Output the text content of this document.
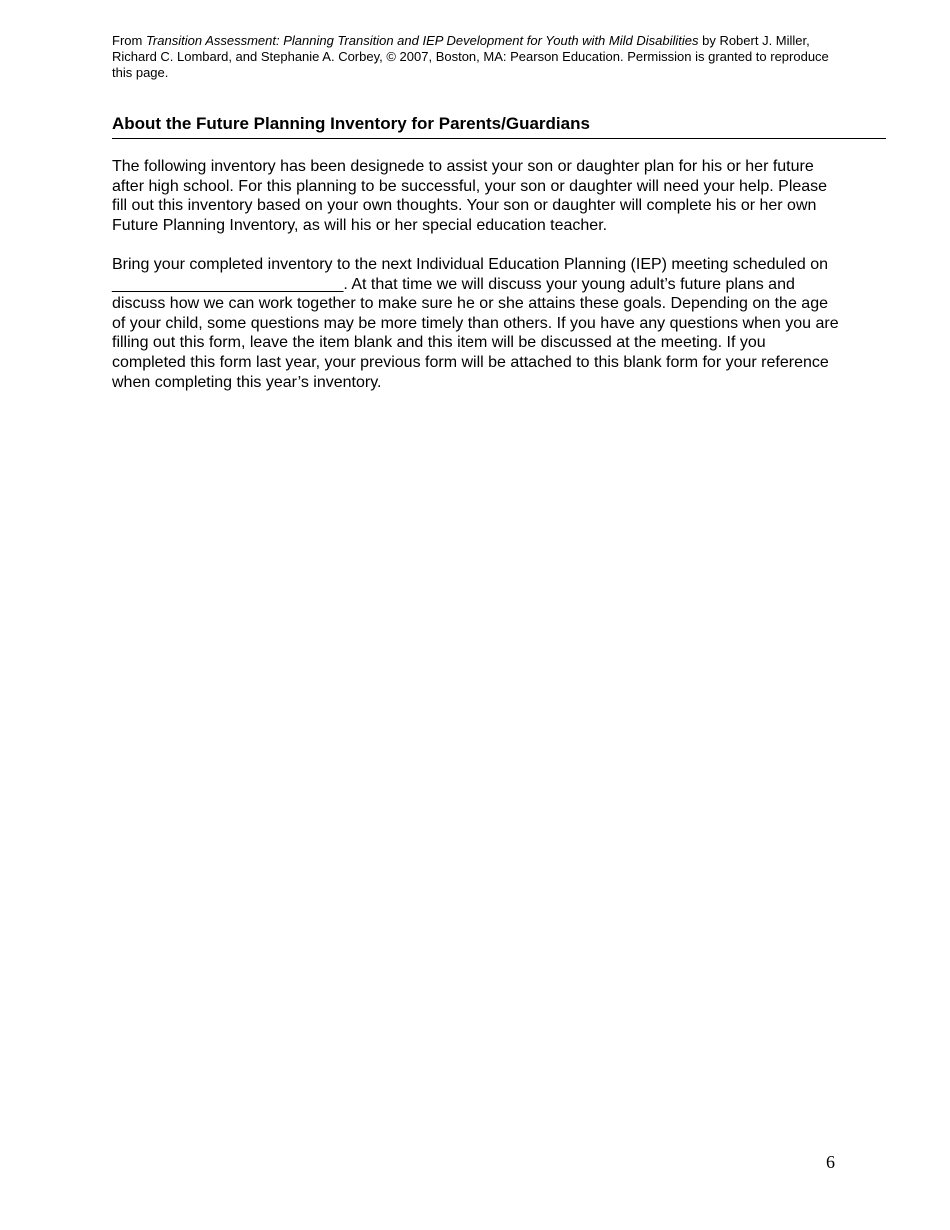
From Transition Assessment: Planning Transition and IEP Development for Youth with Mild Disabilities by Robert J. Miller, Richard C. Lombard, and Stephanie A. Corbey, © 2007, Boston, MA: Pearson Education. Permission is granted to reproduce this page.

About the Future Planning Inventory for Parents/Guardians

The following inventory has been designede to assist your son or daughter plan for his or her future after high school. For this planning to be successful, your son or daughter will need your help. Please fill out this inventory based on your own thoughts. Your son or daughter will complete his or her own Future Planning Inventory, as will his or her special education teacher.

Bring your completed inventory to the next Individual Education Planning (IEP) meeting scheduled on __________________________. At that time we will discuss your young adult’s future plans and discuss how we can work together to make sure he or she attains these goals. Depending on the age of your child, some questions may be more timely than others. If you have any questions when you are filling out this form, leave the item blank and this item will be discussed at the meeting. If you completed this form last year, your previous form will be attached to this blank form for your reference when completing this year’s inventory.

6
